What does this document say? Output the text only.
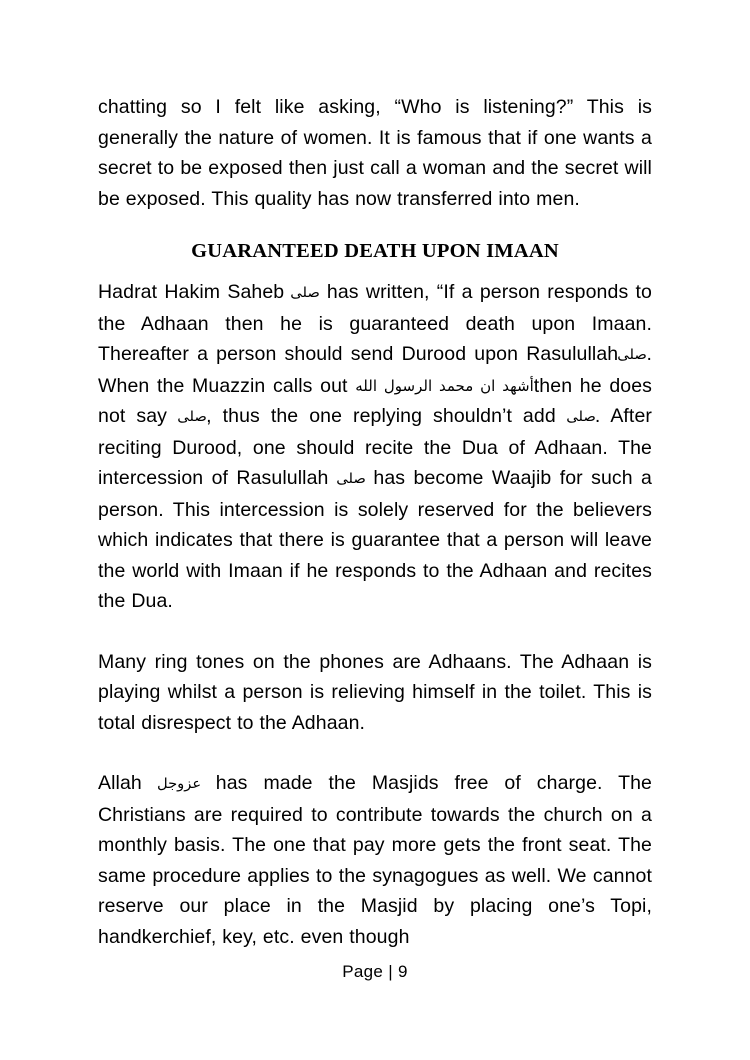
chatting so I felt like asking, “Who is listening?” This is generally the nature of women. It is famous that if one wants a secret to be exposed then just call a woman and the secret will be exposed. This quality has now transferred into men.

GUARANTEED DEATH UPON IMAAN

Hadrat Hakim Saheb صلى has written, “If a person responds to the Adhaan then he is guaranteed death upon Imaan. Thereafter a person should send Durood upon Rasulullahصلى. When the Muazzin calls out أشهد ان محمد الرسول اللهthen he does not say صلى, thus the one replying shouldn’t add صلى. After reciting Durood, one should recite the Dua of Adhaan. The intercession of Rasulullah صلى has become Waajib for such a person. This intercession is solely reserved for the believers which indicates that there is guarantee that a person will leave the world with Imaan if he responds to the Adhaan and recites the Dua.

Many ring tones on the phones are Adhaans. The Adhaan is playing whilst a person is relieving himself in the toilet. This is total disrespect to the Adhaan.

Allah عزوجل has made the Masjids free of charge. The Christians are required to contribute towards the church on a monthly basis. The one that pay more gets the front seat. The same procedure applies to the synagogues as well. We cannot reserve our place in the Masjid by placing one’s Topi, handkerchief, key, etc. even though

Page | 9
